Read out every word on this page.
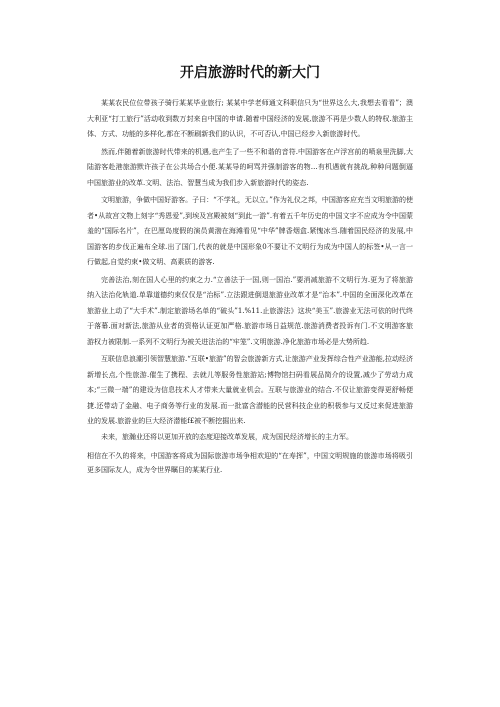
开启旅游时代的新大门

某某农民位位带孩子骑行某某毕业旅行; 某某中学老师通文科职信只为“世界这么大,我想去看看”；澳大利亚“打工旅行”活动收到数万封来自中国的申请.随着中国经济的发展,旅游不再是少数人的特权.旅游主体、方式、功能的多样化,都在不断刷新我们的认识，不可否认,中国已经步入新旅游时代。

然而,伴随着新旅游时代带来的机遇,也产生了一些不和谐的音符.中国游客在卢浮宫前的喷泉里洗脚,大陆游客赴港旅游默许孩子在公共场合小便.某某导的呵骂并强制游客的物…有机遇就有挑战,种种问题倒逼中国旅游业的改革.文明、法治、智慧当成为我们步入新旅游时代的姿态.

文明旅游，争做中国好游客。子曰：“不学礼，无以立。”作为礼仪之邦，中国游客应充当文明旅游的使者•从故宫文物上刻字“秀恩爱”,到埃及宫殿被刻“到此一游”.有着五千年历史的中国文字不应成为令中国蒙羞的“国际名片”，在巴厘岛度假的演员黄渤在海滩看见“中华”牌香烟盒.紧愧冰当.随着国民经济的发展,中国游客的步伐正遍布全球.出了国门,代表的就是中国形象0不要让不文明行为成为中国人的标签•从一言一行做起,自觉约束•做文明、高素质的游客.

完善法治,刻在国人心里的约束之力.“立善法于一国,则一国治.”要消减旅游不文明行为.更为了将旅游纳入法治化轨道.单靠道德约束仅仅是“治标”.立法跟进倒退旅游业改革才是“治本”.中国的全面深化改革在旅游业上动了“大手术”.制定旅游场名单的“破头”1.%11.止旅游法》这块“美玉”.旅游业无法可依的时代终于落幕.面对新法,旅游从业者的资格认证更加严格.旅游市场日益规范.旅游消费者投诉有门.不文明游客旅游权力被限制.一系列不文明行为被关进法治的“牢笼”.文明旅游.净化旅游市场必是大势所趋.

互联信息浪潮引领智慧旅游.“互联•旅游”的智会旅游新方式,让旅游产业发挥综合性产业游能,拉动经济新增长点,个性旅游.催生了携程、去就儿等服务性旅游站;博物馆扫码看展品简介的设置,减少了劳动力成本;“三微一端”的建设为信息技术人才带来大量就业机会。互联与旅游业的结合.不仅让旅游变得更舒畅便捷.还带动了金融、电子商务等行业的发展.而一批富含潜能的民营科技企业的积极参与又反过来促进旅游业的发展.旅游业的巨大经济潜能f£被不断挖掘出来.

未来，旅瀚业还将以更加开放的态度迎接改革发展，成为国民经济增长的主力军。

相信在不久的将来，中国游客将成为国际旅游市场争相欢迎的“在寿挥”，中国文明规施的旅游市场将吸引更多国际友人，成为令世界瞩目的某某行业.
